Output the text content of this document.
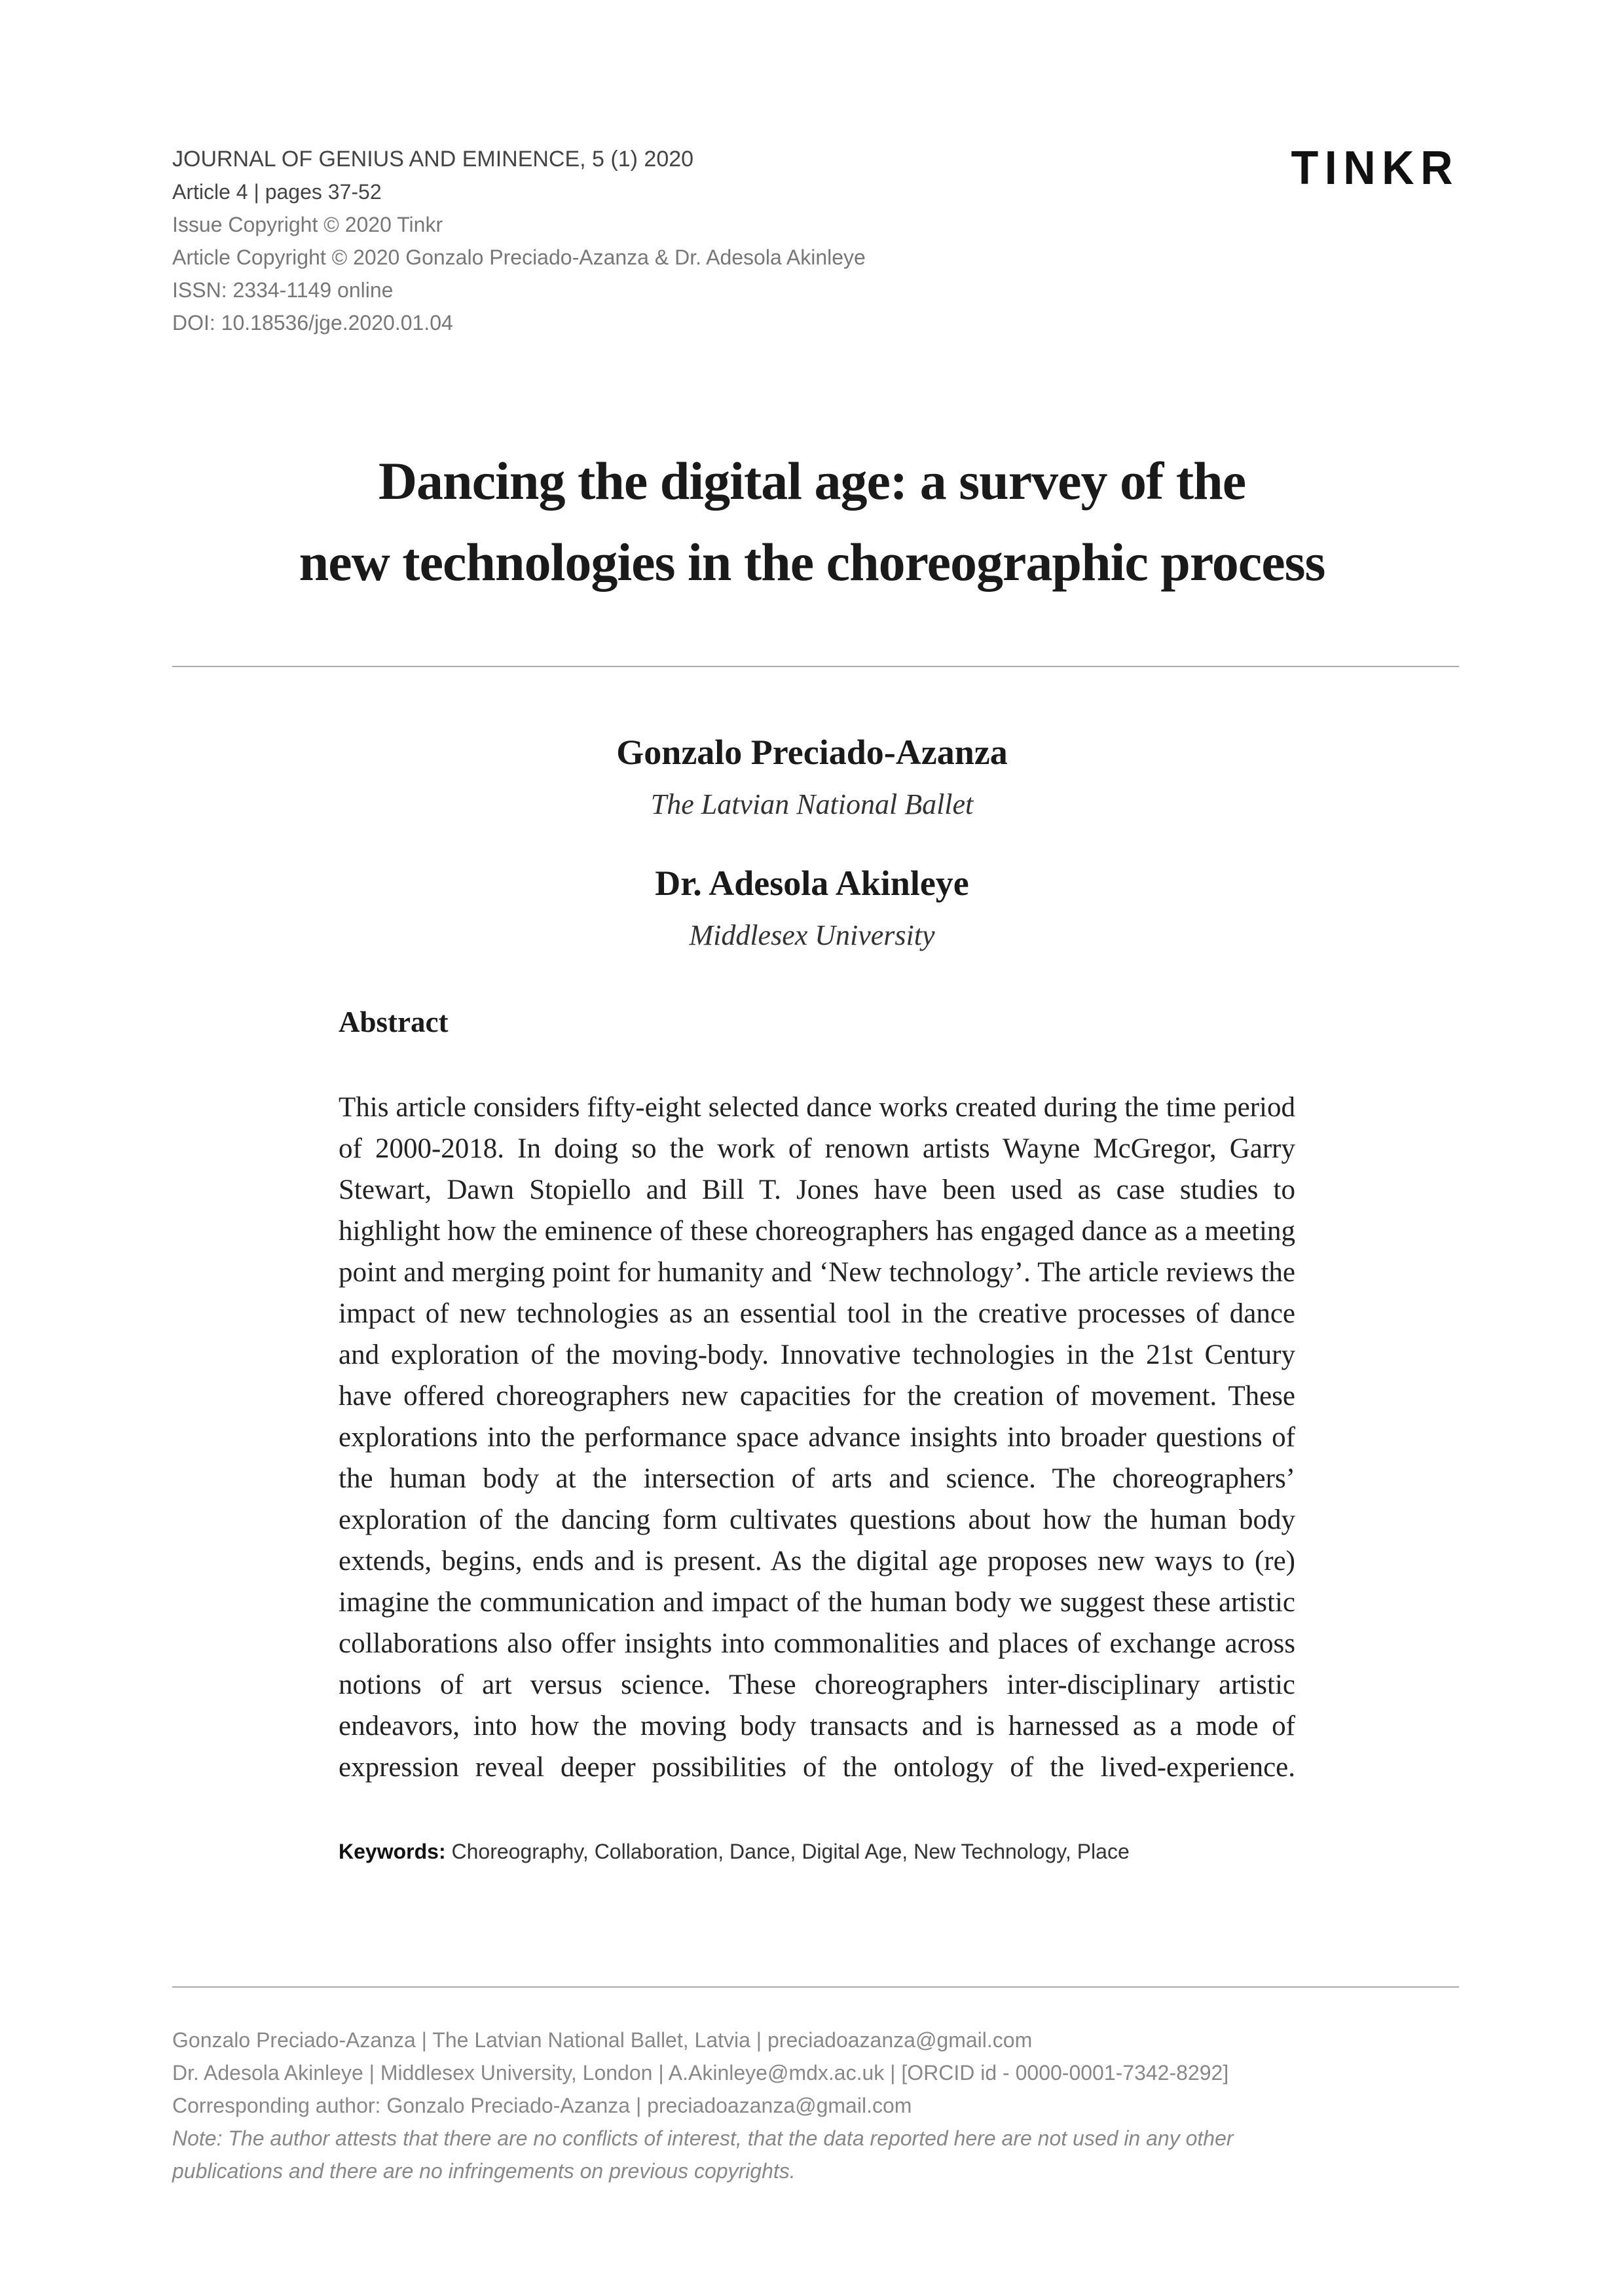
JOURNAL OF GENIUS AND EMINENCE, 5 (1) 2020
Article 4 | pages 37-52
Issue Copyright © 2020 Tinkr
Article Copyright © 2020 Gonzalo Preciado-Azanza & Dr. Adesola Akinleye
ISSN: 2334-1149 online
DOI: 10.18536/jge.2020.01.04
TINKR
Dancing the digital age: a survey of the
new technologies in the choreographic process
Gonzalo Preciado-Azanza
The Latvian National Ballet
Dr. Adesola Akinleye
Middlesex University
Abstract

This article considers fifty-eight selected dance works created during the time period of 2000-2018. In doing so the work of renown artists Wayne McGregor, Garry Stewart, Dawn Stopiello and Bill T. Jones have been used as case studies to highlight how the eminence of these choreographers has engaged dance as a meeting point and merging point for humanity and ‘New technology’. The article reviews the impact of new technologies as an essential tool in the creative processes of dance and exploration of the moving-body. Innovative technologies in the 21st Century have offered choreographers new capacities for the creation of movement. These explorations into the performance space advance insights into broader questions of the human body at the intersection of arts and science. The choreographers’ exploration of the dancing form cultivates questions about how the human body extends, begins, ends and is present. As the digital age proposes new ways to (re) imagine the communication and impact of the human body we suggest these artistic collaborations also offer insights into commonalities and places of exchange across notions of art versus science. These choreographers inter-disciplinary artistic endeavors, into how the moving body transacts and is harnessed as a mode of expression reveal deeper possibilities of the ontology of the lived-experience.

Keywords: Choreography, Collaboration, Dance, Digital Age, New Technology, Place
Gonzalo Preciado-Azanza | The Latvian National Ballet, Latvia | preciadoazanza@gmail.com
Dr. Adesola Akinleye | Middlesex University, London | A.Akinleye@mdx.ac.uk | [ORCID id - 0000-0001-7342-8292]
Corresponding author: Gonzalo Preciado-Azanza | preciadoazanza@gmail.com
Note: The author attests that there are no conflicts of interest, that the data reported here are not used in any other
publications and there are no infringements on previous copyrights.
